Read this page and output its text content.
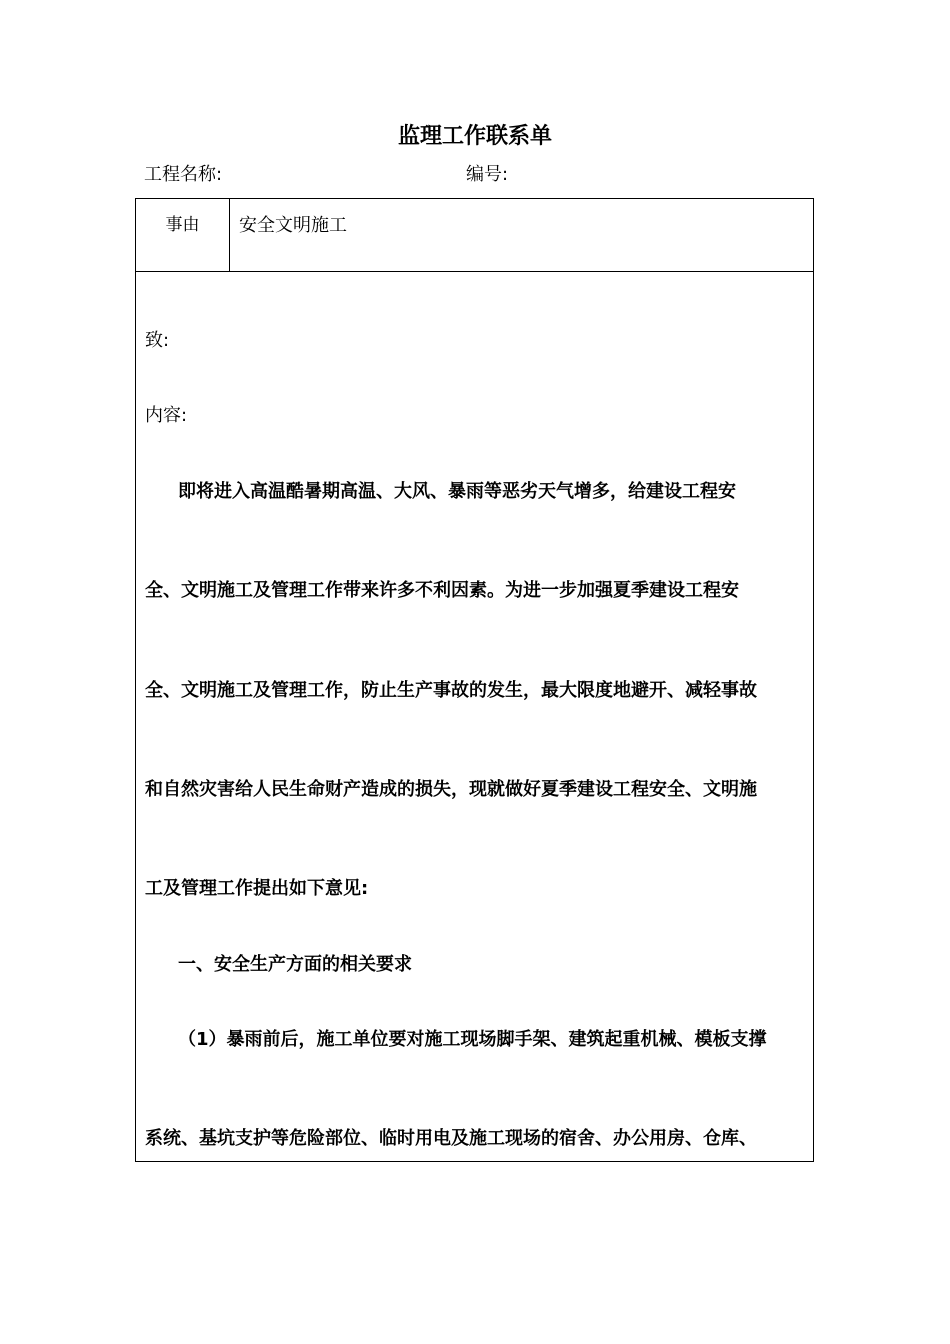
监理工作联系单
工程名称:	编号:
事由	安全文明施工
致:
内容:
即将进入高温酷暑期高温、大风、暴雨等恶劣天气增多，给建设工程安
全、文明施工及管理工作带来许多不利因素。为进一步加强夏季建设工程安
全、文明施工及管理工作，防止生产事故的发生，最大限度地避开、减轻事故
和自然灾害给人民生命财产造成的损失，现就做好夏季建设工程安全、文明施
工及管理工作提出如下意见:
一、安全生产方面的相关要求
（1）暴雨前后，施工单位要对施工现场脚手架、建筑起重机械、模板支撑
系统、基坑支护等危险部位、临时用电及施工现场的宿舍、办公用房、仓库、
